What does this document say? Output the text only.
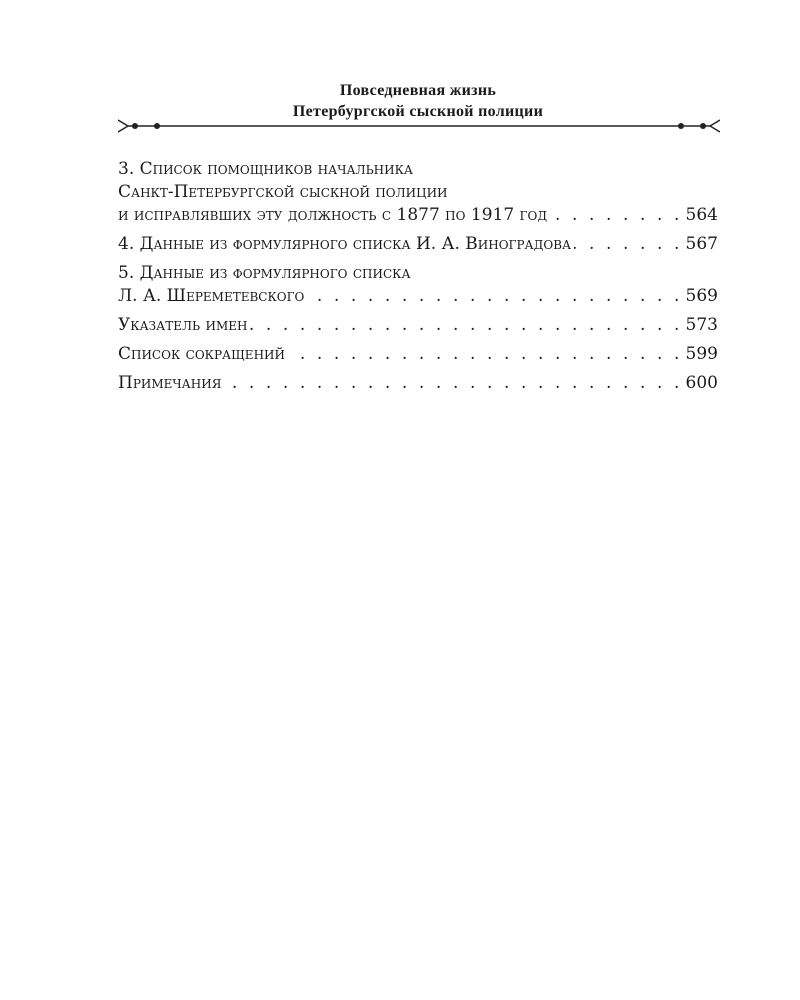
Повседневная жизнь
Петербургской сыскной полиции
3. Список помощников начальника
Санкт-Петербургской сыскной полиции
и исправлявших эту должность с 1877 по 1917 год . . .	564
4. Данные из формулярного списка И. А. Виноградова . . .	567
5. Данные из формулярного списка
Л. А. Шереметевского . . .	569
Указатель имен . . .	573
Список сокращений . . .	599
Примечания . . .	600
